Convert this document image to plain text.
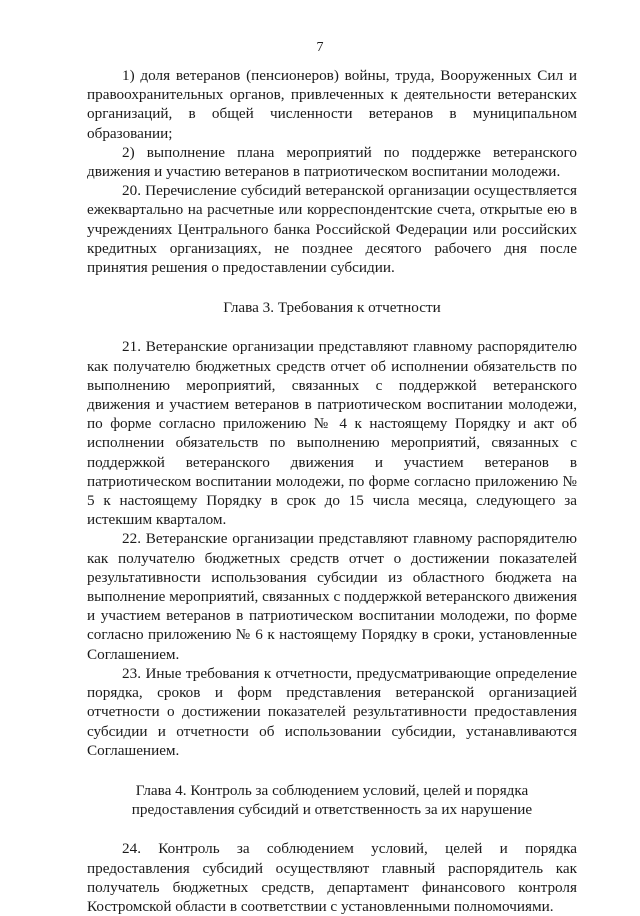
7

1) доля ветеранов (пенсионеров) войны, труда, Вооруженных Сил и правоохранительных органов, привлеченных к деятельности ветеранских организаций, в общей численности ветеранов в муниципальном образовании;

2) выполнение плана мероприятий по поддержке ветеранского движения и участию ветеранов в патриотическом воспитании молодежи.

20. Перечисление субсидий ветеранской организации осуществляется ежеквартально на расчетные или корреспондентские счета, открытые ею в учреждениях Центрального банка Российской Федерации или российских кредитных организациях, не позднее десятого рабочего дня после принятия решения о предоставлении субсидии.

Глава 3. Требования к отчетности

21. Ветеранские организации представляют главному распорядителю как получателю бюджетных средств отчет об исполнении обязательств по выполнению мероприятий, связанных с поддержкой ветеранского движения и участием ветеранов в патриотическом воспитании молодежи, по форме согласно приложению № 4 к настоящему Порядку и акт об исполнении обязательств по выполнению мероприятий, связанных с поддержкой ветеранского движения и участием ветеранов в патриотическом воспитании молодежи, по форме согласно приложению № 5 к настоящему Порядку в срок до 15 числа месяца, следующего за истекшим кварталом.

22. Ветеранские организации представляют главному распорядителю как получателю бюджетных средств отчет о достижении показателей результативности использования субсидии из областного бюджета на выполнение мероприятий, связанных с поддержкой ветеранского движения и участием ветеранов в патриотическом воспитании молодежи, по форме согласно приложению № 6 к настоящему Порядку в сроки, установленные Соглашением.

23. Иные требования к отчетности, предусматривающие определение порядка, сроков и форм представления ветеранской организацией отчетности о достижении показателей результативности предоставления субсидии и отчетности об использовании субсидии, устанавливаются Соглашением.

Глава 4. Контроль за соблюдением условий, целей и порядка

предоставления субсидий и ответственность за их нарушение

24. Контроль за соблюдением условий, целей и порядка предоставления субсидий осуществляют главный распорядитель как получатель бюджетных средств, департамент финансового контроля Костромской области в соответствии с установленными полномочиями.
